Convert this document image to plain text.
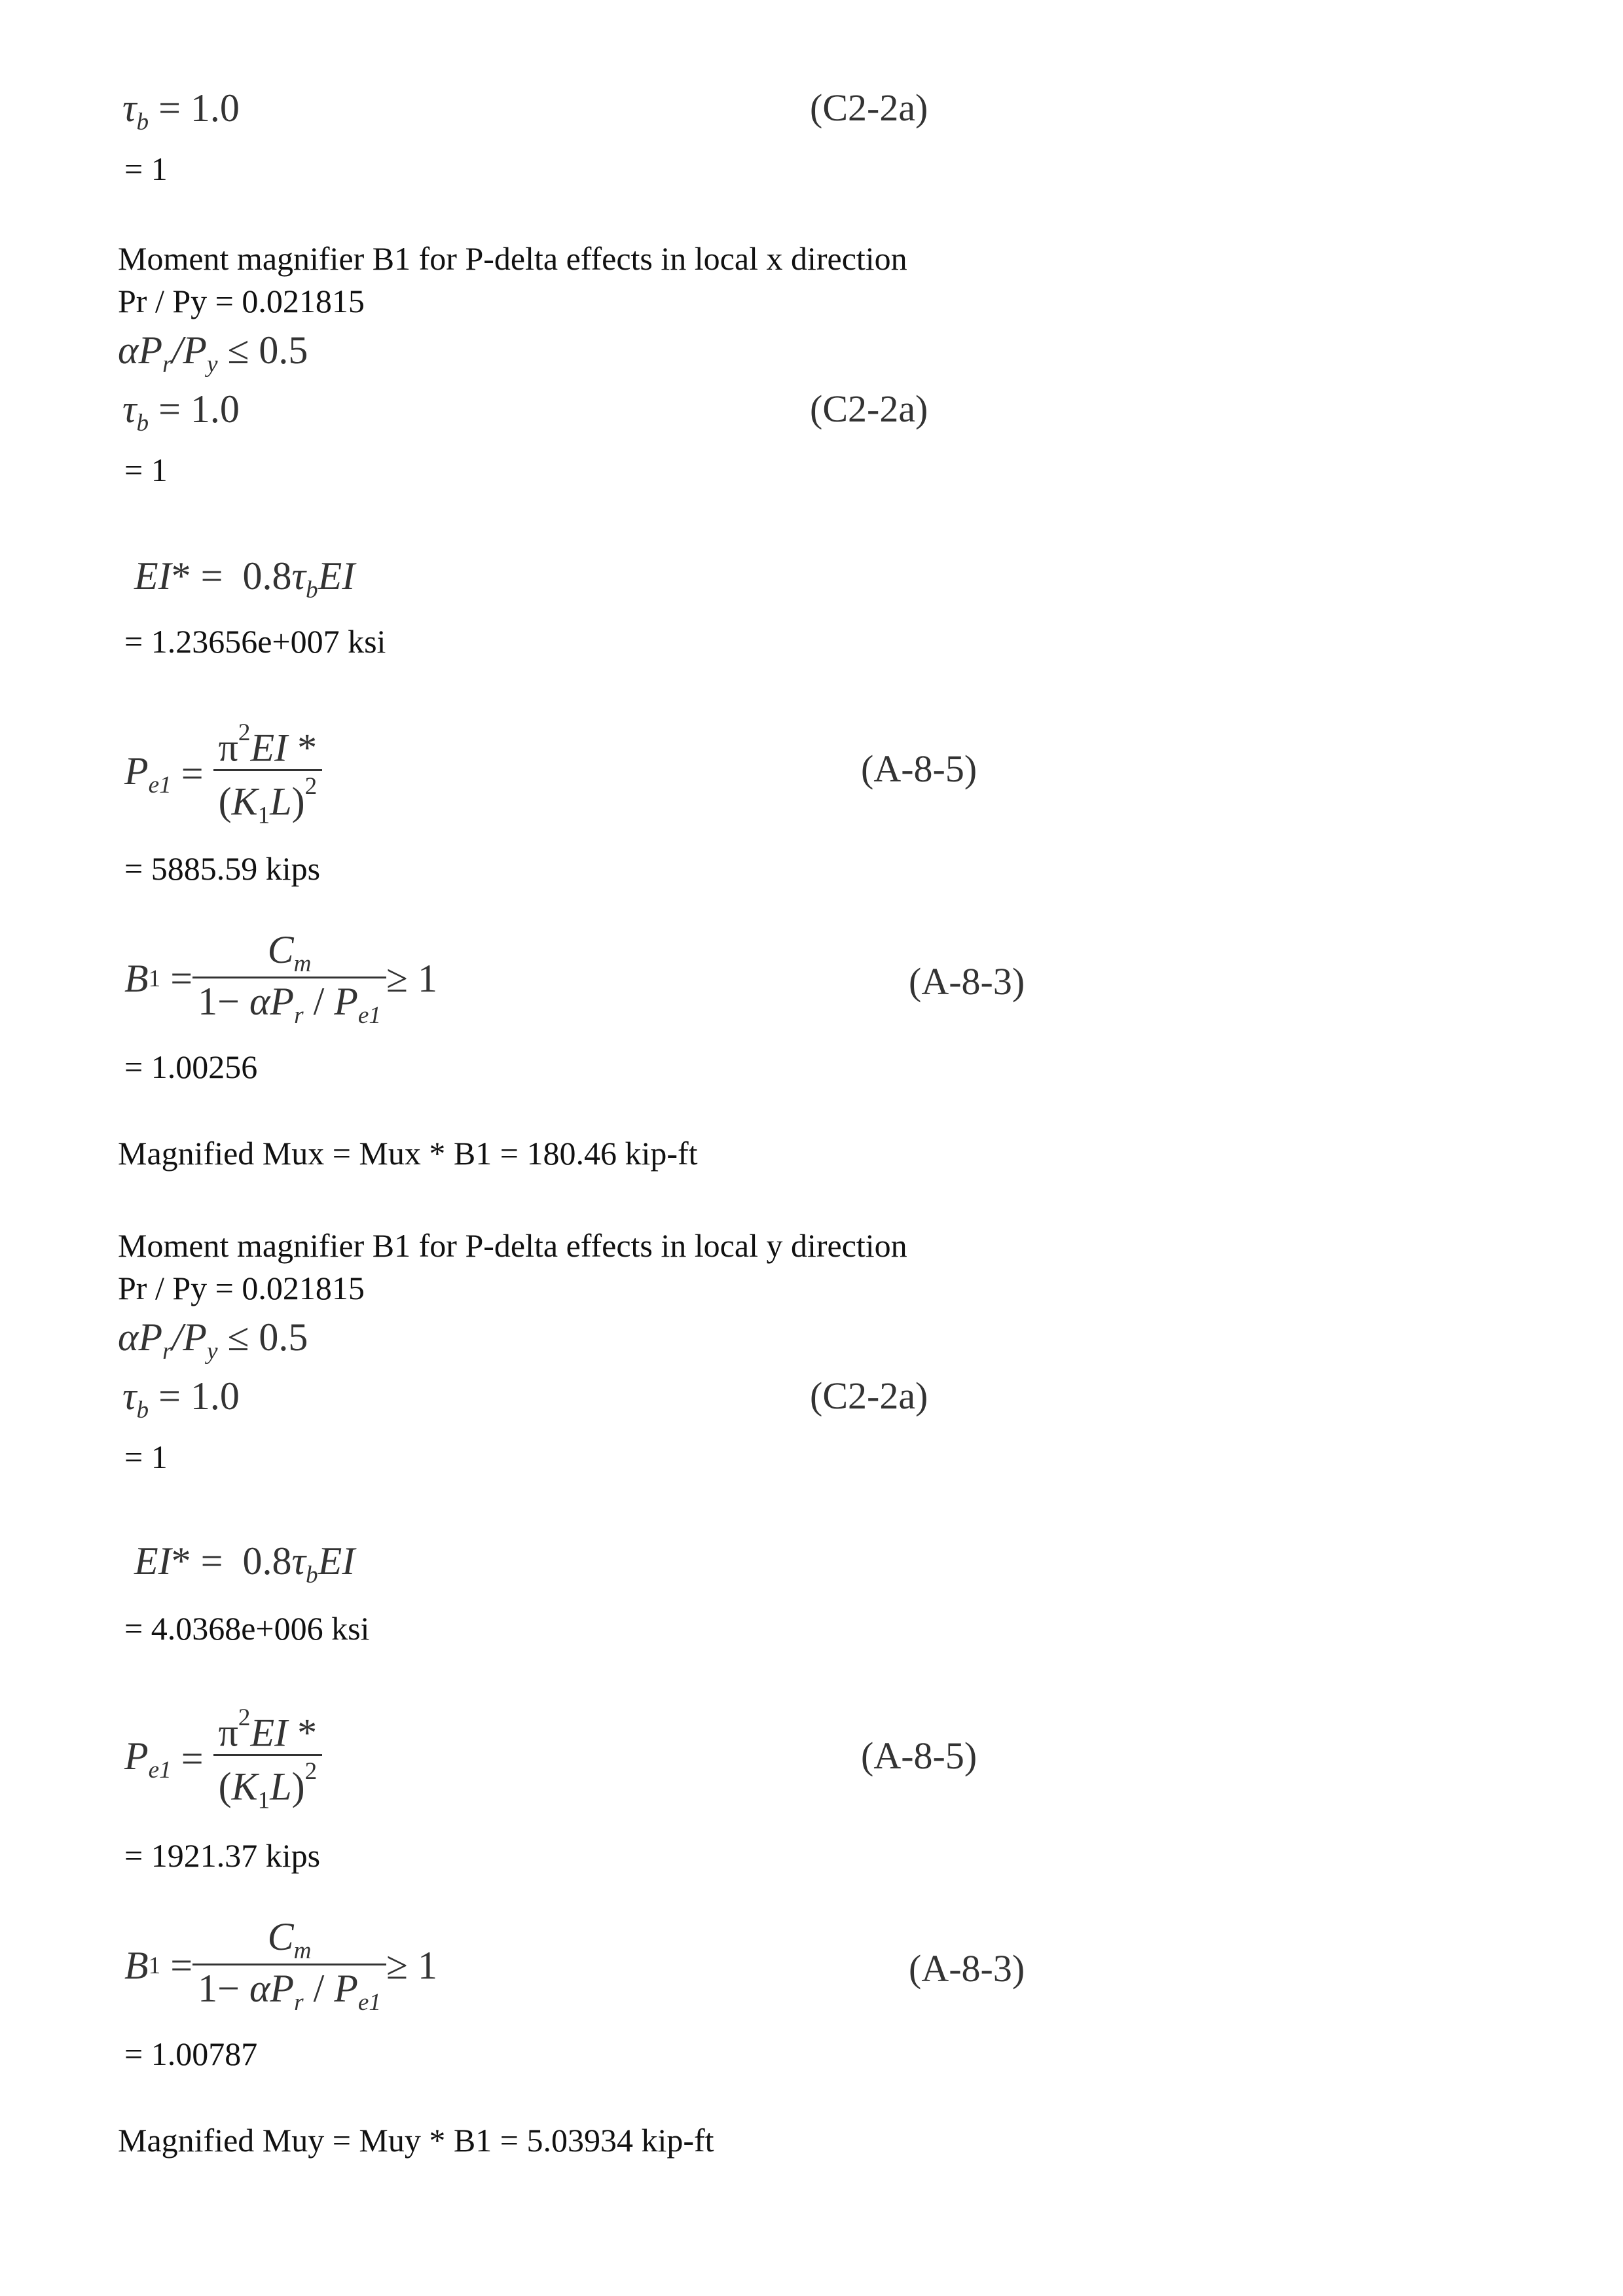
$\tau_b = 1.0$	(C2-2a)
= 1
Moment magnifier B1 for P-delta effects in local x direction
Pr / Py = 0.021815
$\alpha P_r/P_y \le 0.5$
$\tau_b = 1.0$	(C2-2a)
= 1
$EI* = 0.8\tau_bEI$
= 1.23656e+007 ksi
$P_{e1} = \frac{\pi^2EI *}{(K_1L)^2}$	(A-8-5)
= 5885.59 kips
B $1 = \frac{C_m}{1- \alpha P_r / P_{e1}} \ge 1$	(A-8-3)
= 1.00256
Magnified Mux = Mux * B1 = 180.46 kip-ft
Moment magnifier B1 for P-delta effects in local y direction
Pr / Py = 0.021815
$\alpha P_r/P_y \le 0.5$
$\tau_b = 1.0$	(C2-2a)
= 1
$EI* = 0.8\tau_bEI$
= 4.0368e+006 ksi
$P_{e1} = \frac{\pi^2EI *}{(K_1L)^2}$	(A-8-5)
= 1921.37 kips
B $1 = \frac{C_m}{1- \alpha P_r / P_{e1}} \ge 1$	(A-8-3)
= 1.00787
Magnified Muy = Muy * B1 = 5.03934 kip-ft
